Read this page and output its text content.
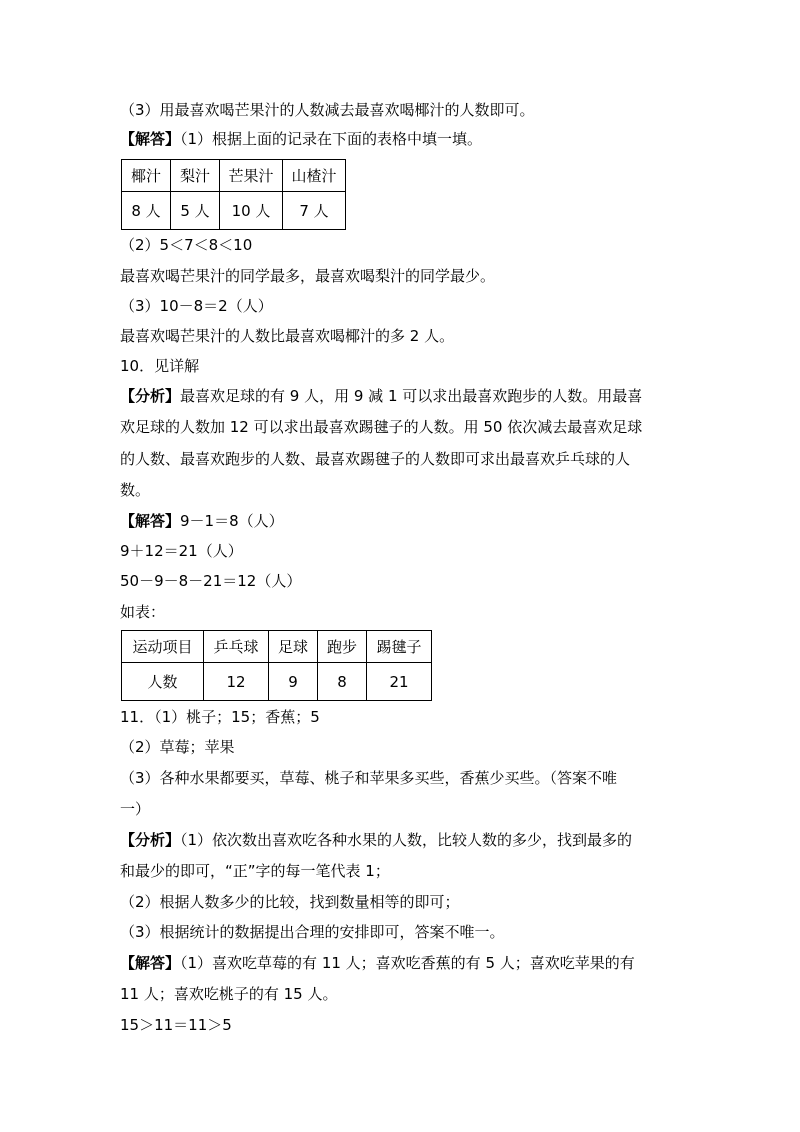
（3）用最喜欢喝芒果汁的人数减去最喜欢喝椰汁的人数即可。
【解答】（1）根据上面的记录在下面的表格中填一填。
椰汁	梨汁	芒果汁	山楂汁
8 人	5 人	10 人	7 人
（2）5＜7＜8＜10
最喜欢喝芒果汁的同学最多，最喜欢喝梨汁的同学最少。
（3）10－8＝2（人）
最喜欢喝芒果汁的人数比最喜欢喝椰汁的多 2 人。
10．见详解
【分析】最喜欢足球的有 9 人，用 9 减 1 可以求出最喜欢跑步的人数。用最喜
欢足球的人数加 12 可以求出最喜欢踢毽子的人数。用 50 依次减去最喜欢足球
的人数、最喜欢跑步的人数、最喜欢踢毽子的人数即可求出最喜欢乒乓球的人
数。
【解答】9－1＝8（人）
9＋12＝21（人）
50－9－8－21＝12（人）
如表：
运动项目	乒乓球	足球	跑步	踢毽子
人数	12	9	8	21
11．（1）桃子；15；香蕉；5
（2）草莓；苹果
（3）各种水果都要买，草莓、桃子和苹果多买些，香蕉少买些。（答案不唯
一）
【分析】（1）依次数出喜欢吃各种水果的人数，比较人数的多少，找到最多的
和最少的即可，“正”字的每一笔代表 1；
（2）根据人数多少的比较，找到数量相等的即可；
（3）根据统计的数据提出合理的安排即可，答案不唯一。
【解答】（1）喜欢吃草莓的有 11 人；喜欢吃香蕉的有 5 人；喜欢吃苹果的有
11 人；喜欢吃桃子的有 15 人。
15＞11＝11＞5
